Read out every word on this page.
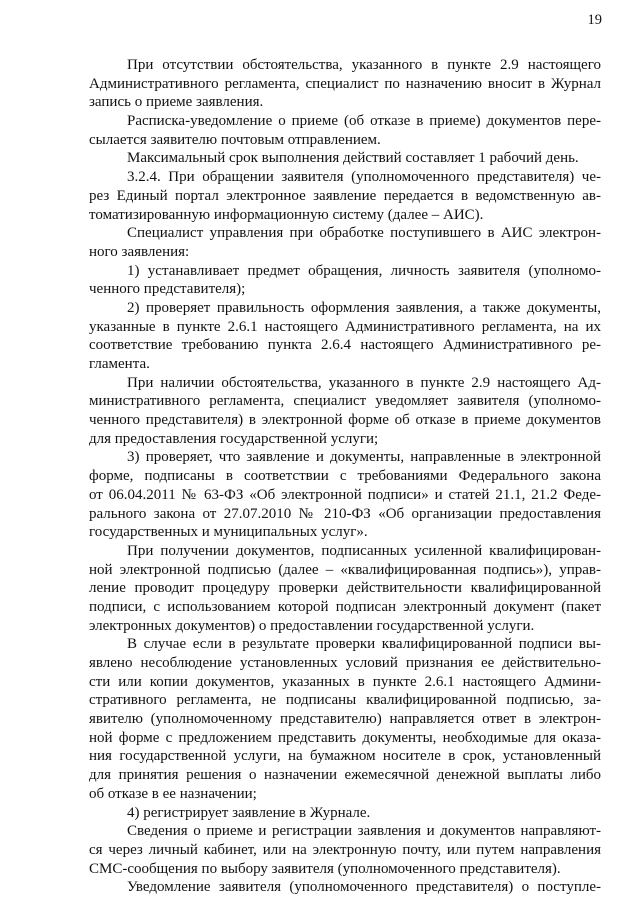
19
При отсутствии обстоятельства, указанного в пункте 2.9 настоящего
Административного регламента, специалист по назначению вносит в Журнал
запись о приеме заявления.
Расписка-уведомление о приеме (об отказе в приеме) документов пере-
сылается заявителю почтовым отправлением.
Максимальный срок выполнения действий составляет 1 рабочий день.
3.2.4. При обращении заявителя (уполномоченного представителя) че-
рез Единый портал электронное заявление передается в ведомственную ав-
томатизированную информационную систему (далее – АИС).
Специалист управления при обработке поступившего в АИС электрон-
ного заявления:
1) устанавливает предмет обращения, личность заявителя (уполномо-
ченного представителя);
2) проверяет правильность оформления заявления, а также документы,
указанные в пункте 2.6.1 настоящего Административного регламента, на их
соответствие требованию пункта 2.6.4 настоящего Административного ре-
гламента.
При наличии обстоятельства, указанного в пункте 2.9 настоящего Ад-
министративного регламента, специалист уведомляет заявителя (уполномо-
ченного представителя) в электронной форме об отказе в приеме документов
для предоставления государственной услуги;
3) проверяет, что заявление и документы, направленные в электронной
форме, подписаны в соответствии с требованиями Федерального закона
от 06.04.2011 № 63-ФЗ «Об электронной подписи» и статей 21.1, 21.2 Феде-
рального закона от 27.07.2010 № 210-ФЗ «Об организации предоставления
государственных и муниципальных услуг».
При получении документов, подписанных усиленной квалифицирован-
ной электронной подписью (далее – «квалифицированная подпись»), управ-
ление проводит процедуру проверки действительности квалифицированной
подписи, с использованием которой подписан электронный документ (пакет
электронных документов) о предоставлении государственной услуги.
В случае если в результате проверки квалифицированной подписи вы-
явлено несоблюдение установленных условий признания ее действительно-
сти или копии документов, указанных в пункте 2.6.1 настоящего Админи-
стративного регламента, не подписаны квалифицированной подписью, за-
явителю (уполномоченному представителю) направляется ответ в электрон-
ной форме с предложением представить документы, необходимые для оказа-
ния государственной услуги, на бумажном носителе в срок, установленный
для принятия решения о назначении ежемесячной денежной выплаты либо
об отказе в ее назначении;
4) регистрирует заявление в Журнале.
Сведения о приеме и регистрации заявления и документов направляют-
ся через личный кабинет, или на электронную почту, или путем направления
СМС-сообщения по выбору заявителя (уполномоченного представителя).
Уведомление заявителя (уполномоченного представителя) о поступле-
